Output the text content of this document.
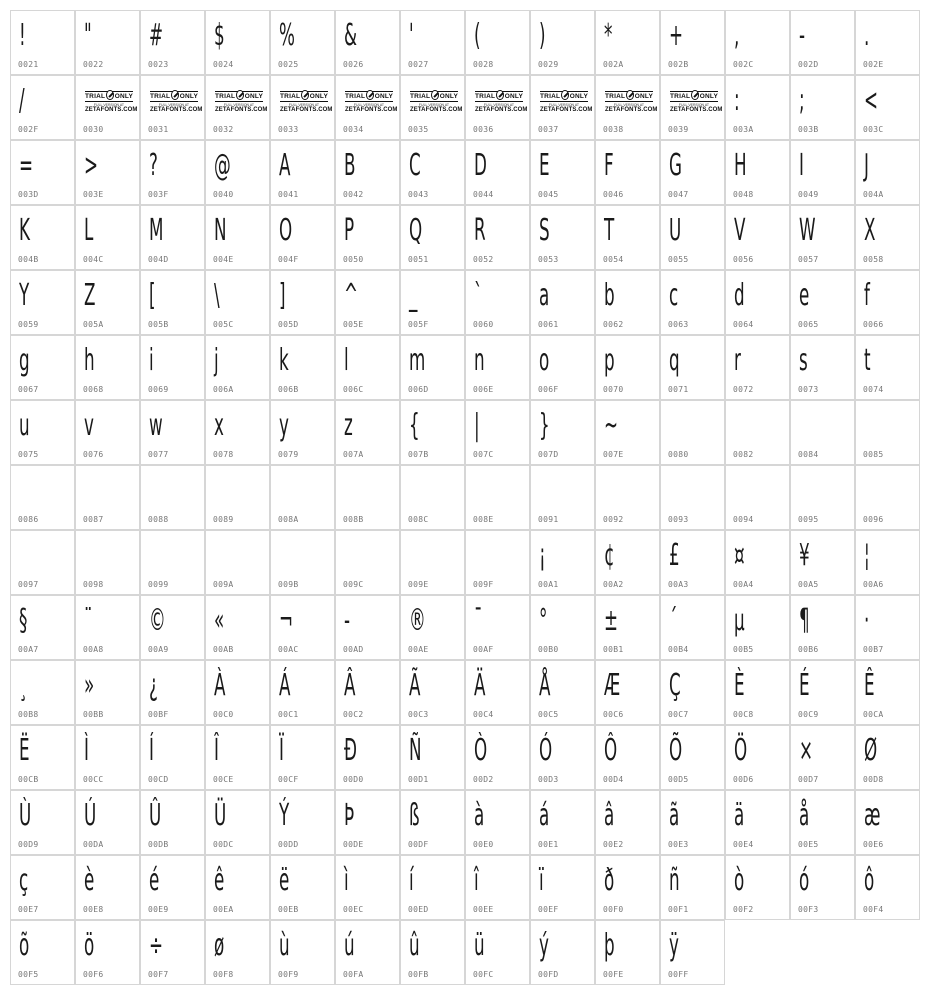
!
0021
"
0022
#
0023
$
0024
%
0025
&
0026
'
0027
(
0028
)
0029
*
002A
+
002B
,
002C
-
002D
.
002E
/
002F
TRIAL ONLY
FULL VERSION AT
ZETAFONTS.COM
0030
TRIAL ONLY
FULL VERSION AT
ZETAFONTS.COM
0031
TRIAL ONLY
FULL VERSION AT
ZETAFONTS.COM
0032
TRIAL ONLY
FULL VERSION AT
ZETAFONTS.COM
0033
TRIAL ONLY
FULL VERSION AT
ZETAFONTS.COM
0034
TRIAL ONLY
FULL VERSION AT
ZETAFONTS.COM
0035
TRIAL ONLY
FULL VERSION AT
ZETAFONTS.COM
0036
TRIAL ONLY
FULL VERSION AT
ZETAFONTS.COM
0037
TRIAL ONLY
FULL VERSION AT
ZETAFONTS.COM
0038
TRIAL ONLY
FULL VERSION AT
ZETAFONTS.COM
0039
:
003A
;
003B
<
003C
=
003D
>
003E
?
003F
@
0040
A
0041
B
0042
C
0043
D
0044
E
0045
F
0046
G
0047
H
0048
I
0049
J
004A
K
004B
L
004C
M
004D
N
004E
O
004F
P
0050
Q
0051
R
0052
S
0053
T
0054
U
0055
V
0056
W
0057
X
0058
Y
0059
Z
005A
[
005B
\
005C
]
005D
^
005E
_
005F
`
0060
a
0061
b
0062
c
0063
d
0064
e
0065
f
0066
g
0067
h
0068
i
0069
j
006A
k
006B
l
006C
m
006D
n
006E
o
006F
p
0070
q
0071
r
0072
s
0073
t
0074
u
0075
v
0076
w
0077
x
0078
y
0079
z
007A
{
007B
|
007C
}
007D
~
007E	0080	0082	0084	0085
0086	0087	0088	0089	008A	008B	008C	008E	0091	0092	0093	0094	0095	0096
0097	0098	0099	009A	009B	009C	009E	009F
¡
00A1
¢
00A2
£
00A3
¤
00A4
¥
00A5
¦
00A6
§
00A7
¨
00A8
©
00A9
«
00AB
¬
00AC
-
00AD
®
00AE
¯
00AF
°
00B0
±
00B1
´
00B4
µ
00B5
¶
00B6
·
00B7
¸
00B8
»
00BB
¿
00BF
À
00C0
Á
00C1
Â
00C2
Ã
00C3
Ä
00C4
Å
00C5
Æ
00C6
Ç
00C7
È
00C8
É
00C9
Ê
00CA
Ë
00CB
Ì
00CC
Í
00CD
Î
00CE
Ï
00CF
Ð
00D0
Ñ
00D1
Ò
00D2
Ó
00D3
Ô
00D4
Õ
00D5
Ö
00D6
×
00D7
Ø
00D8
Ù
00D9
Ú
00DA
Û
00DB
Ü
00DC
Ý
00DD
Þ
00DE
ß
00DF
à
00E0
á
00E1
â
00E2
ã
00E3
ä
00E4
å
00E5
æ
00E6
ç
00E7
è
00E8
é
00E9
ê
00EA
ë
00EB
ì
00EC
í
00ED
î
00EE
ï
00EF
ð
00F0
ñ
00F1
ò
00F2
ó
00F3
ô
00F4
õ
00F5
ö
00F6
÷
00F7
ø
00F8
ù
00F9
ú
00FA
û
00FB
ü
00FC
ý
00FD
þ
00FE
ÿ
00FF
